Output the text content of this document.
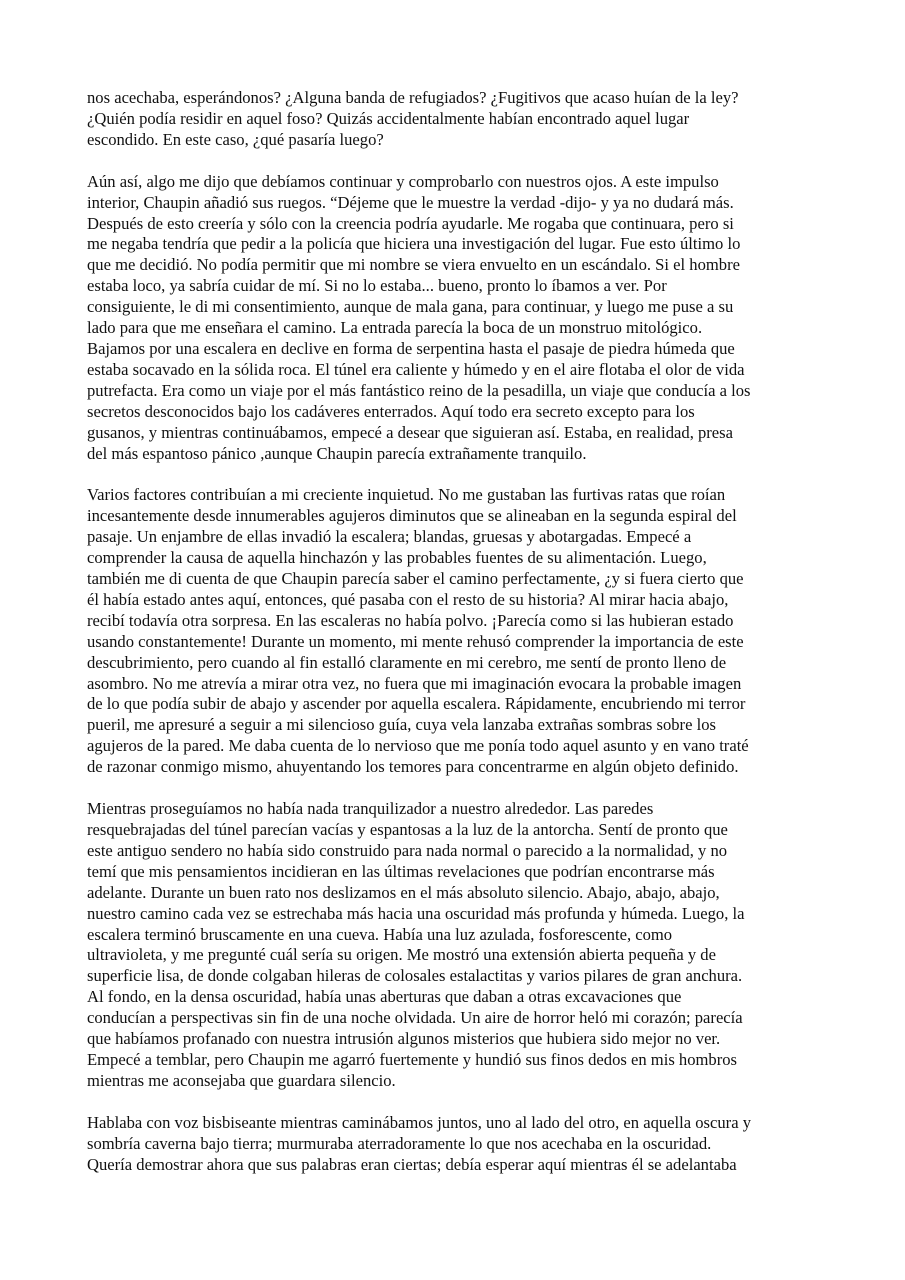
nos acechaba, esperándonos? ¿Alguna banda de refugiados? ¿Fugitivos que acaso huían de la ley?
¿Quién podía residir en aquel foso? Quizás accidentalmente habían encontrado aquel lugar
escondido. En este caso, ¿qué pasaría luego?

Aún así, algo me dijo que debíamos continuar y comprobarlo con nuestros ojos. A este impulso
interior, Chaupin añadió sus ruegos. “Déjeme que le muestre la verdad -dijo- y ya no dudará más.
Después de esto creería y sólo con la creencia podría ayudarle. Me rogaba que continuara, pero si
me negaba tendría que pedir a la policía que hiciera una investigación del lugar. Fue esto último lo
que me decidió. No podía permitir que mi nombre se viera envuelto en un escándalo. Si el hombre
estaba loco, ya sabría cuidar de mí. Si no lo estaba... bueno, pronto lo íbamos a ver. Por
consiguiente, le di mi consentimiento, aunque de mala gana, para continuar, y luego me puse a su
lado para que me enseñara el camino. La entrada parecía la boca de un monstruo mitológico.
Bajamos por una escalera en declive en forma de serpentina hasta el pasaje de piedra húmeda que
estaba socavado en la sólida roca. El túnel era caliente y húmedo y en el aire flotaba el olor de vida
putrefacta. Era como un viaje por el más fantástico reino de la pesadilla, un viaje que conducía a los
secretos desconocidos bajo los cadáveres enterrados. Aquí todo era secreto excepto para los
gusanos, y mientras continuábamos, empecé a desear que siguieran así. Estaba, en realidad, presa
del más espantoso pánico ,aunque Chaupin parecía extrañamente tranquilo.

Varios factores contribuían a mi creciente inquietud. No me gustaban las furtivas ratas que roían
incesantemente desde innumerables agujeros diminutos que se alineaban en la segunda espiral del
pasaje. Un enjambre de ellas invadió la escalera; blandas, gruesas y abotargadas. Empecé a
comprender la causa de aquella hinchazón y las probables fuentes de su alimentación. Luego,
también me di cuenta de que Chaupin parecía saber el camino perfectamente, ¿y si fuera cierto que
él había estado antes aquí, entonces, qué pasaba con el resto de su historia? Al mirar hacia abajo,
recibí todavía otra sorpresa. En las escaleras no había polvo. ¡Parecía como si las hubieran estado
usando constantemente! Durante un momento, mi mente rehusó comprender la importancia de este
descubrimiento, pero cuando al fin estalló claramente en mi cerebro, me sentí de pronto lleno de
asombro. No me atrevía a mirar otra vez, no fuera que mi imaginación evocara la probable imagen
de lo que podía subir de abajo y ascender por aquella escalera. Rápidamente, encubriendo mi terror
pueril, me apresuré a seguir a mi silencioso guía, cuya vela lanzaba extrañas sombras sobre los
agujeros de la pared. Me daba cuenta de lo nervioso que me ponía todo aquel asunto y en vano traté
de razonar conmigo mismo, ahuyentando los temores para concentrarme en algún objeto definido.

Mientras proseguíamos no había nada tranquilizador a nuestro alrededor. Las paredes
resquebrajadas del túnel parecían vacías y espantosas a la luz de la antorcha. Sentí de pronto que
este antiguo sendero no había sido construido para nada normal o parecido a la normalidad, y no
temí que mis pensamientos incidieran en las últimas revelaciones que podrían encontrarse más
adelante. Durante un buen rato nos deslizamos en el más absoluto silencio. Abajo, abajo, abajo,
nuestro camino cada vez se estrechaba más hacia una oscuridad más profunda y húmeda. Luego, la
escalera terminó bruscamente en una cueva. Había una luz azulada, fosforescente, como
ultravioleta, y me pregunté cuál sería su origen. Me mostró una extensión abierta pequeña y de
superficie lisa, de donde colgaban hileras de colosales estalactitas y varios pilares de gran anchura.
Al fondo, en la densa oscuridad, había unas aberturas que daban a otras excavaciones que
conducían a perspectivas sin fin de una noche olvidada. Un aire de horror heló mi corazón; parecía
que habíamos profanado con nuestra intrusión algunos misterios que hubiera sido mejor no ver.
Empecé a temblar, pero Chaupin me agarró fuertemente y hundió sus finos dedos en mis hombros
mientras me aconsejaba que guardara silencio.

Hablaba con voz bisbiseante mientras caminábamos juntos, uno al lado del otro, en aquella oscura y
sombría caverna bajo tierra; murmuraba aterradoramente lo que nos acechaba en la oscuridad.
Quería demostrar ahora que sus palabras eran ciertas; debía esperar aquí mientras él se adelantaba
